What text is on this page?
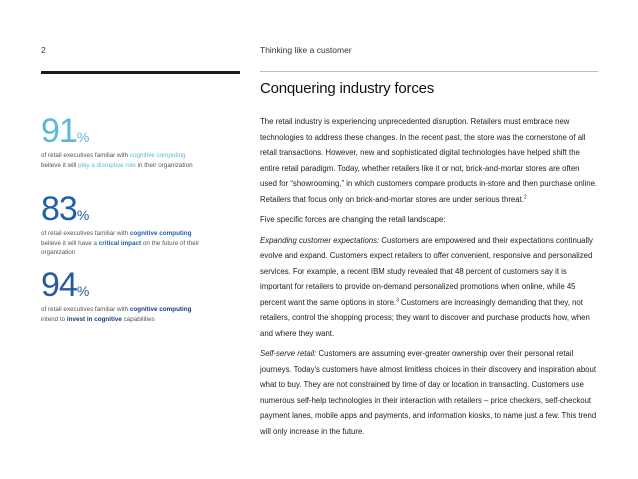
2	Thinking like a customer
Conquering industry forces
91%
of retail executives familiar with cognitive computing believe it will play a disruptive role in their organization
83%
of retail executives familiar with cognitive computing believe it will have a critical impact on the future of their organization
94%
of retail executives familiar with cognitive computing intend to invest in cognitive capabilities

The retail industry is experiencing unprecedented disruption. Retailers must embrace new technologies to address these changes. In the recent past, the store was the cornerstone of all retail transactions. However, new and sophisticated digital technologies have helped shift the entire retail paradigm. Today, whether retailers like it or not, brick-and-mortar stores are often used for “showrooming,” in which customers compare products in-store and then purchase online. Retailers that focus only on brick-and-mortar stores are under serious threat.$^2$

Five specific forces are changing the retail landscape:

Expanding customer expectations: Customers are empowered and their expectations continually evolve and expand. Customers expect retailers to offer convenient, responsive and personalized services. For example, a recent IBM study revealed that 48 percent of customers say it is important for retailers to provide on-demand personalized promotions when online, while 45 percent want the same options in store.$^3$ Customers are increasingly demanding that they, not retailers, control the shopping process; they want to discover and purchase products how, when and where they want.

Self-serve retail: Customers are assuming ever-greater ownership over their personal retail journeys. Today’s customers have almost limitless choices in their discovery and inspiration about what to buy. They are not constrained by time of day or location in transacting. Customers use numerous self-help technologies in their interaction with retailers – price checkers, self-checkout payment lanes, mobile apps and payments, and information kiosks, to name just a few. This trend will only increase in the future.
